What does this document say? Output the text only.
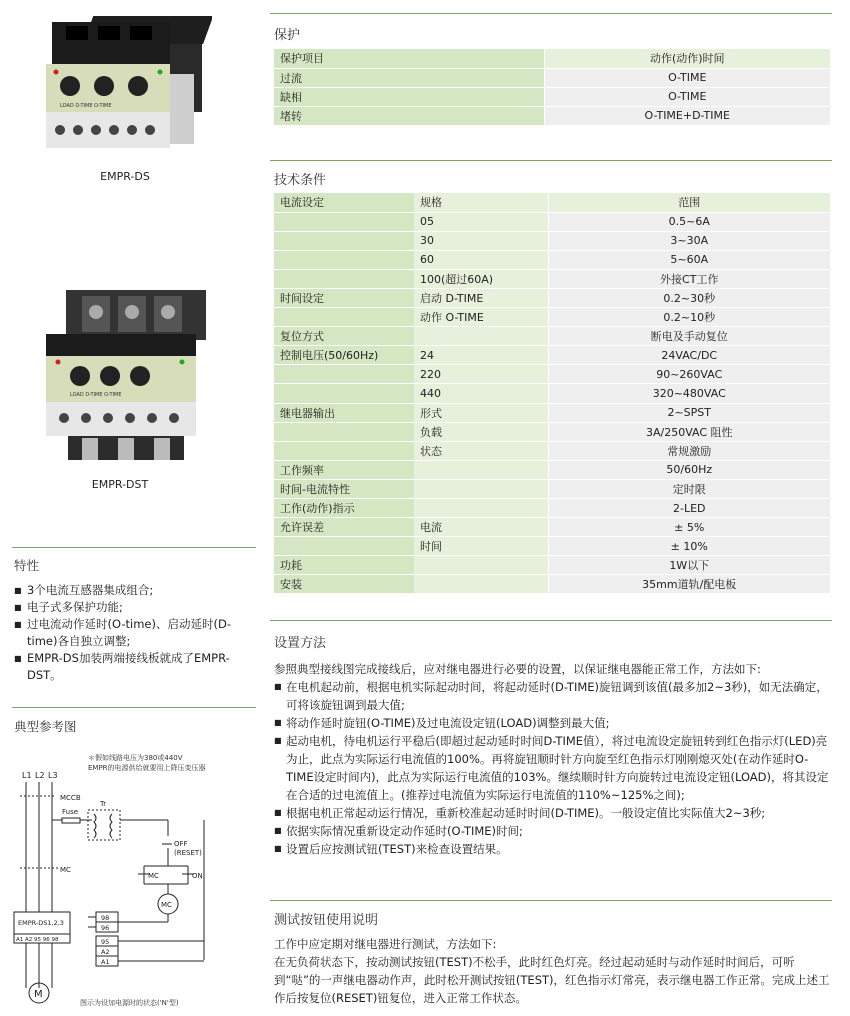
LOAD D-TIME O-TIME
EMPR-DS
LOAD D-TIME O-TIME
EMPR-DST
特性
■ 3个电流互感器集成组合;
■ 电子式多保护功能;
■ 过电流动作延时(O-time)、启动延时(D-time)各自独立调整;
■ EMPR-DS加装两端接线板就成了EMPR-DST。
典型参考图
＊假如线路电压为380或440V
EMPR的电源供给就要用上降压变压器
L1 L2 L3
MCCB
Fuse
Tr
OFF
(RESET)
MC	ON
MC
MC
EMPR-DS1,2,3
A1 A2 95 96 98
98
96
95
A2
A1
M
图示为设加电源时的状态('N'型)
保护
保护项目	动作(动作)时间
过流	O-TIME
缺相	O-TIME
堵转	O-TIME+D-TIME
技术条件
电流设定	规格	范围
	05	0.5~6A
	30	3~30A
	60	5~60A
	100(超过60A)	外接CT工作
时间设定	启动 D-TIME	0.2~30秒
	动作 O-TIME	0.2~10秒
复位方式		断电及手动复位
控制电压(50/60Hz)	24	24VAC/DC
	220	90~260VAC
	440	320~480VAC
继电器输出	形式	2~SPST
	负载	3A/250VAC 阻性
	状态	常规激励
工作频率		50/60Hz
时间-电流特性		定时限
工作(动作)指示		2-LED
允许误差	电流	± 5%
	时间	± 10%
功耗		1W以下
安装		35mm道轨/配电板
设置方法
参照典型接线图完成接线后，应对继电器进行必要的设置，以保证继电器能正常工作，方法如下:
■ 在电机起动前，根据电机实际起动时间，将起动延时(D-TIME)旋钮调到该值(最多加2~3秒)，如无法确定，可将该旋钮调到最大值;
■ 将动作延时旋钮(O-TIME)及过电流设定钮(LOAD)调整到最大值;
■ 起动电机，待电机运行平稳后(即超过起动延时时间D-TIME值），将过电流设定旋钮转到红色指示灯(LED)亮为止，此点为实际运行电流值的100%。再将旋钮顺时针方向旋至红色指示灯刚刚熄灭处(在动作延时O-TIME设定时间内)，此点为实际运行电流值的103%。继续顺时针方向旋转过电流设定钮(LOAD)，将其设定在合适的过电流值上。(推荐过电流值为实际运行电流值的110%~125%之间);
■ 根据电机正常起动运行情况，重新校准起动延时时间(D-TIME)。一般设定值比实际值大2~3秒;
■ 依据实际情况重新设定动作延时(O-TIME)时间;
■ 设置后应按测试钮(TEST)来检查设置结果。
测试按钮使用说明
工作中应定期对继电器进行测试，方法如下:
在无负荷状态下，按动测试按钮(TEST)不松手，此时红色灯亮。经过起动延时与动作延时时间后，可听到“哒”的一声继电器动作声，此时松开测试按钮(TEST)，红色指示灯常亮，表示继电器工作正常。完成上述工作后按复位(RESET)钮复位，进入正常工作状态。
